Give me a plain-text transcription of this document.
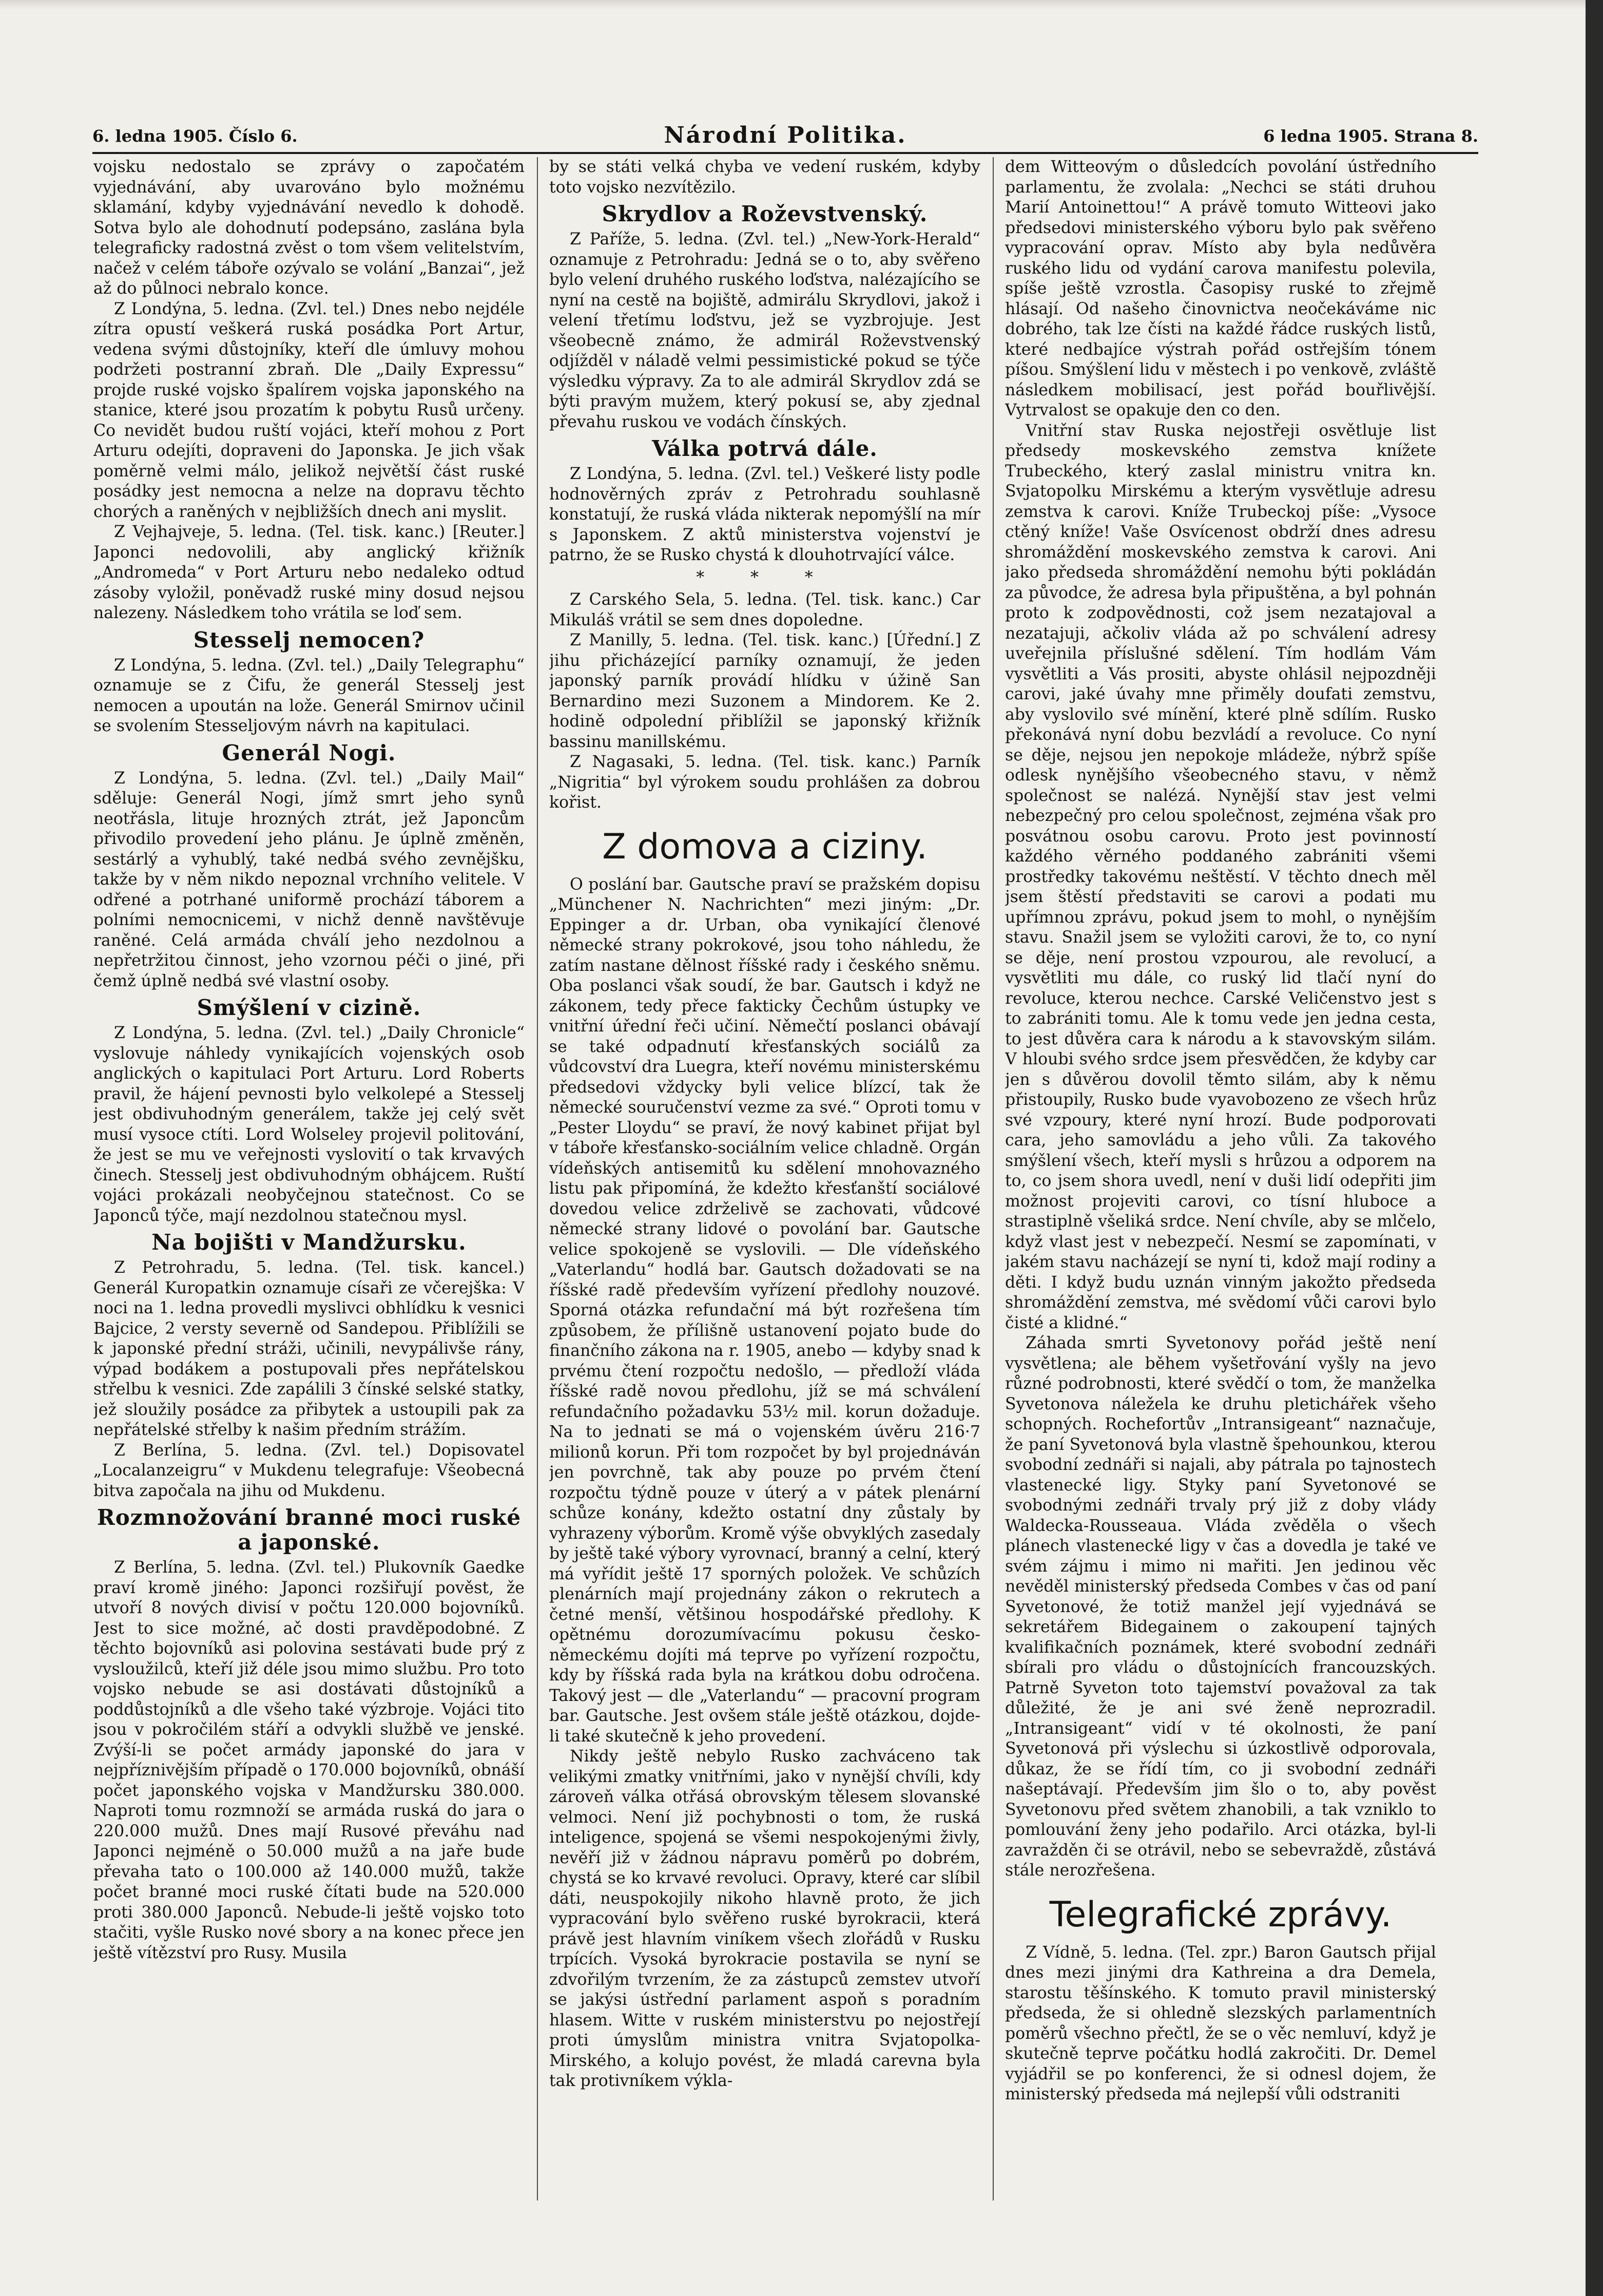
6. ledna 1905. Číslo 6.	Národní Politika.	6 ledna 1905. Strana 8.

vojsku nedostalo se zprávy o započatém vyjednávání, aby uvarováno bylo možnému sklamání, kdyby vyjednávání nevedlo k dohodě. Sotva bylo ale dohodnutí podepsáno, zaslána byla telegraficky radostná zvěst o tom všem velitelstvím, načež v celém táboře ozývalo se volání „Banzai“, jež až do půlnoci nebralo konce.

Z Londýna, 5. ledna. (Zvl. tel.) Dnes nebo nejdéle zítra opustí veškerá ruská posádka Port Artur, vedena svými důstojníky, kteří dle úmluvy mohou podržeti postranní zbraň. Dle „Daily Expressu“ projde ruské vojsko špalírem vojska japonského na stanice, které jsou prozatím k pobytu Rusů určeny. Co nevidět budou ruští vojáci, kteří mohou z Port Arturu odejíti, dopraveni do Japonska. Je jich však poměrně velmi málo, jelikož největší část ruské posádky jest nemocna a nelze na dopravu těchto chorých a raněných v nejbližších dnech ani myslit.

Z Vejhajveje, 5. ledna. (Tel. tisk. kanc.) [Reuter.] Japonci nedovolili, aby anglický křižník „Andromeda“ v Port Arturu nebo nedaleko odtud zásoby vyložil, poněvadž ruské miny dosud nejsou nalezeny. Následkem toho vrátila se loď sem.

Stesselj nemocen?

Z Londýna, 5. ledna. (Zvl. tel.) „Daily Telegraphu“ oznamuje se z Čifu, že generál Stesselj jest nemocen a upoután na lože. Generál Smirnov učinil se svolením Stesseljovým návrh na kapitulaci.

Generál Nogi.

Z Londýna, 5. ledna. (Zvl. tel.) „Daily Mail“ sděluje: Generál Nogi, jímž smrt jeho synů neotřásla, lituje hrozných ztrát, jež Japoncům přivodilo provedení jeho plánu. Je úplně změněn, sestárlý a vyhublý, také nedbá svého zevnějšku, takže by v něm nikdo nepoznal vrchního velitele. V odřené a potrhané uniformě prochází táborem a polními nemocnicemi, v nichž denně navštěvuje raněné. Celá armáda chválí jeho nezdolnou a nepřetržitou činnost, jeho vzornou péči o jiné, při čemž úplně nedbá své vlastní osoby.

Smýšlení v cizině.

Z Londýna, 5. ledna. (Zvl. tel.) „Daily Chronicle“ vyslovuje náhledy vynikajících vojenských osob anglických o kapitulaci Port Arturu. Lord Roberts pravil, že hájení pevnosti bylo velkolepé a Stesselj jest obdivuhodným generálem, takže jej celý svět musí vysoce ctíti. Lord Wolseley projevil politování, že jest se mu ve veřejnosti vyslovití o tak krvavých činech. Stesselj jest obdivuhodným obhájcem. Ruští vojáci prokázali neobyčejnou statečnost. Co se Japonců týče, mají nezdolnou statečnou mysl.

Na bojišti v Mandžursku.

Z Petrohradu, 5. ledna. (Tel. tisk. kancel.) Generál Kuropatkin oznamuje císaři ze včerejška: V noci na 1. ledna provedli myslivci obhlídku k vesnici Bajcice, 2 versty severně od Sandepou. Přiblížili se k japonské přední stráži, učinili, nevypálivše rány, výpad bodákem a postupovali přes nepřátelskou střelbu k vesnici. Zde zapálili 3 čínské selské statky, jež sloužily posádce za přibytek a ustoupili pak za nepřátelské střelby k našim předním strážím.

Z Berlína, 5. ledna. (Zvl. tel.) Dopisovatel „Localanzeigru“ v Mukdenu telegrafuje: Všeobecná bitva započala na jihu od Mukdenu.

Rozmnožování branné moci ruské a japonské.

Z Berlína, 5. ledna. (Zvl. tel.) Plukovník Gaedke praví kromě jiného: Japonci rozšiřují pověst, že utvoří 8 nových divisí v počtu 120.000 bojovníků. Jest to sice možné, ač dosti pravděpodobné. Z těchto bojovníků asi polovina sestávati bude prý z vysloužilců, kteří již déle jsou mimo službu. Pro toto vojsko nebude se asi dostávati důstojníků a poddůstojníků a dle všeho také výzbroje. Vojáci tito jsou v pokročilém stáří a odvykli službě ve jenské. Zvýší-li se počet armády japonské do jara v nejpříznivějším případě o 170.000 bojovníků, obnáší počet japonského vojska v Mandžursku 380.000. Naproti tomu rozmnoží se armáda ruská do jara o 220.000 mužů. Dnes mají Rusové převáhu nad Japonci nejméně o 50.000 mužů a na jaře bude převaha tato o 100.000 až 140.000 mužů, takže počet branné moci ruské čítati bude na 520.000 proti 380.000 Japonců. Nebude-li ještě vojsko toto stačiti, vyšle Rusko nové sbory a na konec přece jen ještě vítězství pro Rusy. Musila

by se státi velká chyba ve vedení ruském, kdyby toto vojsko nezvítězilo.

Skrydlov a Roževstvenský.

Z Paříže, 5. ledna. (Zvl. tel.) „New-York-Herald“ oznamuje z Petrohradu: Jedná se o to, aby svěřeno bylo velení druhého ruského loďstva, nalézajícího se nyní na cestě na bojiště, admirálu Skrydlovi, jakož i velení třetímu loďstvu, jež se vyzbrojuje. Jest všeobecně známo, že admirál Roževstvenský odjížděl v náladě velmi pessimistické pokud se týče výsledku výpravy. Za to ale admirál Skrydlov zdá se býti pravým mužem, který pokusí se, aby zjednal převahu ruskou ve vodách čínských.

Válka potrvá dále.

Z Londýna, 5. ledna. (Zvl. tel.) Veškeré listy podle hodnověrných zpráv z Petrohradu souhlasně konstatují, že ruská vláda nikterak nepomýšlí na mír s Japonskem. Z aktů ministerstva vojenství je patrno, že se Rusko chystá k dlouhotrvající válce.

* * *

Z Carského Sela, 5. ledna. (Tel. tisk. kanc.) Car Mikuláš vrátil se sem dnes dopoledne.

Z Manilly, 5. ledna. (Tel. tisk. kanc.) [Úřední.] Z jihu přicházející parníky oznamují, že jeden japonský parník provádí hlídku v úžině San Bernardino mezi Suzonem a Mindorem. Ke 2. hodině odpolední přiblížil se japonský křižník bassinu manillskému.

Z Nagasaki, 5. ledna. (Tel. tisk. kanc.) Parník „Nigritia“ byl výrokem soudu prohlášen za dobrou kořist.

Z domova a ciziny.

O poslání bar. Gautsche praví se pražském dopisu „Münchener N. Nachrichten“ mezi jiným: „Dr. Eppinger a dr. Urban, oba vynikající členové německé strany pokrokové, jsou toho náhledu, že zatím nastane dělnost říšské rady i českého sněmu. Oba poslanci však soudí, že bar. Gautsch i když ne zákonem, tedy přece fakticky Čechům ústupky ve vnitřní úřední řeči učiní. Němečtí poslanci obávají se také odpadnutí křesťanských sociálů za vůdcovství dra Luegra, kteří novému ministerskému předsedovi vždycky byli velice blízcí, tak že německé souručenství vezme za své.“ Oproti tomu v „Pester Lloydu“ se praví, že nový kabinet přijat byl v táboře křesťansko-sociálním velice chladně. Orgán vídeňských antisemitů ku sdělení mnohovazného listu pak připomíná, že kdežto křesťanští sociálové dovedou velice zdrželivě se zachovati, vůdcové německé strany lidové o povolání bar. Gautsche velice spokojeně se vyslovili. — Dle vídeňského „Vaterlandu“ hodlá bar. Gautsch dožadovati se na říšské radě především vyřízení předlohy nouzové. Sporná otázka refundační má být rozřešena tím způsobem, že přílišně ustanovení pojato bude do finančního zákona na r. 1905, anebo — kdyby snad k prvému čtení rozpočtu nedošlo, — předloží vláda říšské radě novou předlohu, jíž se má schválení refundačního požadavku 53½ mil. korun dožaduje. Na to jednati se má o vojenském úvěru 216·7 milionů korun. Při tom rozpočet by byl projednáván jen povrchně, tak aby pouze po prvém čtení rozpočtu týdně pouze v úterý a v pátek plenární schůze konány, kdežto ostatní dny zůstaly by vyhrazeny výborům. Kromě výše obvyklých zasedaly by ještě také výbory vyrovnací, branný a celní, který má vyřídit ještě 17 sporných položek. Ve schůzích plenárních mají projednány zákon o rekrutech a četné menší, většinou hospodářské předlohy. K opětnému dorozumívacímu pokusu česko-německému dojíti má teprve po vyřízení rozpočtu, kdy by říšská rada byla na krátkou dobu odročena. Takový jest — dle „Vaterlandu“ — pracovní program bar. Gautsche. Jest ovšem stále ještě otázkou, dojde-li také skutečně k jeho provedení.

Nikdy ještě nebylo Rusko zachváceno tak velikými zmatky vnitřními, jako v nynější chvíli, kdy zároveň válka otřásá obrovským tělesem slovanské velmoci. Není již pochybnosti o tom, že ruská inteligence, spojená se všemi nespokojenými živly, nevěří již v žádnou nápravu poměrů po dobrém, chystá se ko krvavé revoluci. Opravy, které car slíbil dáti, neuspokojily nikoho hlavně proto, že jich vypracování bylo svěřeno ruské byrokracii, která právě jest hlavním viníkem všech zlořádů v Rusku trpících. Vysoká byrokracie postavila se nyní se zdvořilým tvrzením, že za zástupců zemstev utvoří se jakýsi ústřední parlament aspoň s poradním hlasem. Witte v ruském ministerstvu po nejostřejí proti úmyslům ministra vnitra Svjatopolka-Mirského, a kolujo povést, že mladá carevna byla tak protivníkem výkla-

dem Witteovým o důsledcích povolání ústředního parlamentu, že zvolala: „Nechci se státi druhou Marií Antoinettou!“ A právě tomuto Witteovi jako předsedovi ministerského výboru bylo pak svěřeno vypracování oprav. Místo aby byla nedůvěra ruského lidu od vydání carova manifestu polevila, spíše ještě vzrostla. Časopisy ruské to zřejmě hlásají. Od našeho činovnictva neočekáváme nic dobrého, tak lze čísti na každé řádce ruských listů, které nedbajíce výstrah pořád ostřejším tónem píšou. Smýšlení lidu v městech i po venkově, zvláště následkem mobilisací, jest pořád bouřlivější. Vytrvalost se opakuje den co den.

Vnitřní stav Ruska nejostřeji osvětluje list předsedy moskevského zemstva knížete Trubeckého, který zaslal ministru vnitra kn. Svjatopolku Mirskému a kterým vysvětluje adresu zemstva k carovi. Kníže Trubeckoj píše: „Vysoce ctěný kníže! Vaše Osvícenost obdrží dnes adresu shromáždění moskevského zemstva k carovi. Ani jako předseda shromáždění nemohu býti pokládán za původce, že adresa byla připuštěna, a byl pohnán proto k zodpovědnosti, což jsem nezatajoval a nezatajuji, ačkoliv vláda až po schválení adresy uveřejnila příslušné sdělení. Tím hodlám Vám vysvětliti a Vás prositi, abyste ohlásil nejpozdněji carovi, jaké úvahy mne přiměly doufati zemstvu, aby vyslovilo své mínění, které plně sdílím. Rusko překonává nyní dobu bezvládí a revoluce. Co nyní se děje, nejsou jen nepokoje mládeže, nýbrž spíše odlesk nynějšího všeobecného stavu, v němž společnost se nalézá. Nynější stav jest velmi nebezpečný pro celou společnost, zejména však pro posvátnou osobu carovu. Proto jest povinností každého věrného poddaného zabrániti všemi prostředky takovému neštěstí. V těchto dnech měl jsem štěstí představiti se carovi a podati mu upřímnou zprávu, pokud jsem to mohl, o nynějším stavu. Snažil jsem se vyložiti carovi, že to, co nyní se děje, není prostou vzpourou, ale revolucí, a vysvětliti mu dále, co ruský lid tlačí nyní do revoluce, kterou nechce. Carské Veličenstvo jest s to zabrániti tomu. Ale k tomu vede jen jedna cesta, to jest důvěra cara k národu a k stavovským silám. V hloubi svého srdce jsem přesvědčen, že kdyby car jen s důvěrou dovolil těmto silám, aby k němu přistoupily, Rusko bude vyavobozeno ze všech hrůz své vzpoury, které nyní hrozí. Bude podporovati cara, jeho samovládu a jeho vůli. Za takového smýšlení všech, kteří mysli s hrůzou a odporem na to, co jsem shora uvedl, není v duši lidí odepřiti jim možnost projeviti carovi, co tísní hluboce a strastiplně všeliká srdce. Není chvíle, aby se mlčelo, když vlast jest v nebezpečí. Nesmí se zapomínati, v jakém stavu nacházejí se nyní ti, kdož mají rodiny a děti. I když budu uznán vinným jakožto předseda shromáždění zemstva, mé svědomí vůči carovi bylo čisté a klidné.“

Záhada smrti Syvetonovy pořád ještě není vysvětlena; ale během vyšetřování vyšly na jevo různé podrobnosti, které svědčí o tom, že manželka Syvetonova náležela ke druhu pletichářek všeho schopných. Rochefortův „Intransigeant“ naznačuje, že paní Syvetonová byla vlastně špehounkou, kterou svobodní zednáři si najali, aby pátrala po tajnostech vlastenecké ligy. Styky paní Syvetonové se svobodnými zednáři trvaly prý již z doby vlády Waldecka-Rousseaua. Vláda zvěděla o všech plánech vlastenecké ligy v čas a dovedla je také ve svém zájmu i mimo ni mařiti. Jen jedinou věc nevěděl ministerský předseda Combes v čas od paní Syvetonové, že totiž manžel její vyjednává se sekretářem Bidegainem o zakoupení tajných kvalifikačních poznámek, které svobodní zednáři sbírali pro vládu o důstojnících francouzských. Patrně Syveton toto tajemství považoval za tak důležité, že je ani své ženě neprozradil. „Intransigeant“ vidí v té okolnosti, že paní Syvetonová při výslechu si úzkostlivě odporovala, důkaz, že se řídí tím, co ji svobodní zednáři našeptávají. Především jim šlo o to, aby pověst Syvetonovu před světem zhanobili, a tak vzniklo to pomlouvání ženy jeho podařilo. Arci otázka, byl-li zavražděn či se otrávil, nebo se sebevraždě, zůstává stále nerozřešena.

Telegrafické zprávy.

Z Vídně, 5. ledna. (Tel. zpr.) Baron Gautsch přijal dnes mezi jinými dra Kathreina a dra Demela, starostu těšínského. K tomuto pravil ministerský předseda, že si ohledně slezských parlamentních poměrů všechno přečtl, že se o věc nemluví, když je skutečně teprve počátku hodlá zakročiti. Dr. Demel vyjádřil se po konferenci, že si odnesl dojem, že ministerský předseda má nejlepší vůli odstraniti
